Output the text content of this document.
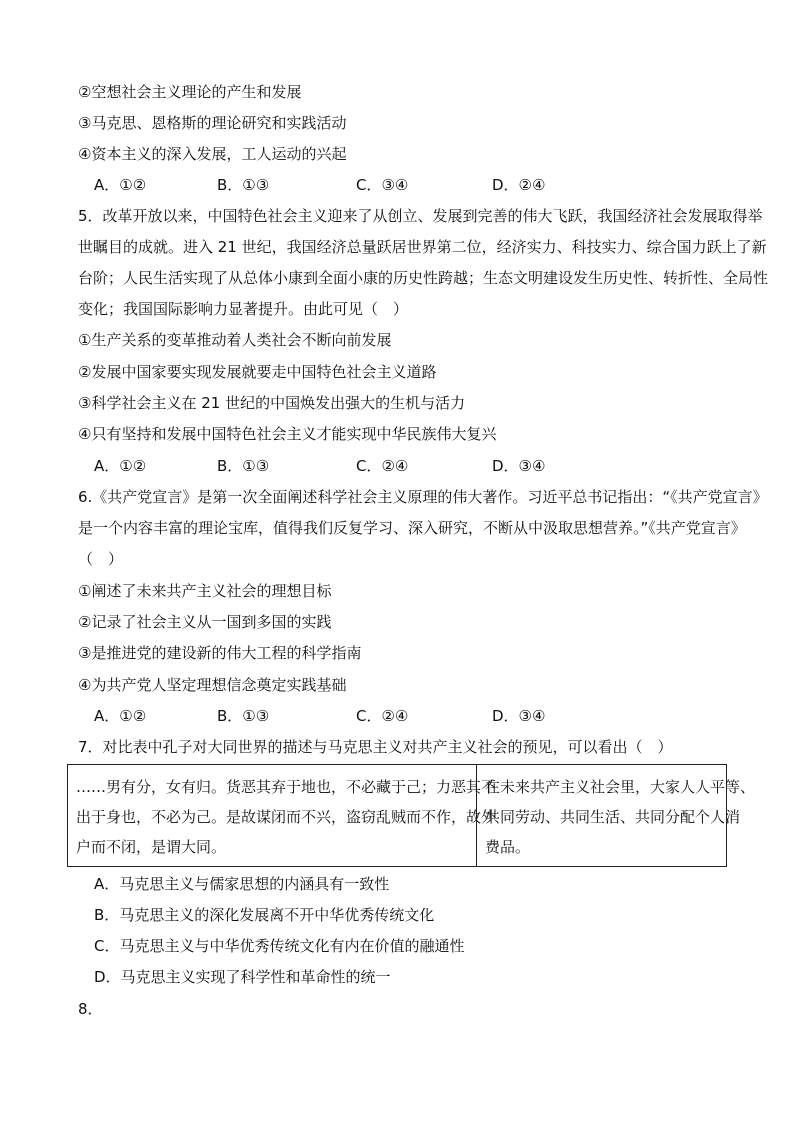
②空想社会主义理论的产生和发展
③马克思、恩格斯的理论研究和实践活动
④资本主义的深入发展，工人运动的兴起
A．①②	B．①③	C．③④	D．②④
5．改革开放以来，中国特色社会主义迎来了从创立、发展到完善的伟大飞跃，我国经济社会发展取得举
世瞩目的成就。进入 21 世纪，我国经济总量跃居世界第二位，经济实力、科技实力、综合国力跃上了新
台阶；人民生活实现了从总体小康到全面小康的历史性跨越；生态文明建设发生历史性、转折性、全局性
变化；我国国际影响力显著提升。由此可见（　）
①生产关系的变革推动着人类社会不断向前发展
②发展中国家要实现发展就要走中国特色社会主义道路
③科学社会主义在 21 世纪的中国焕发出强大的生机与活力
④只有坚持和发展中国特色社会主义才能实现中华民族伟大复兴
A．①②	B．①③	C．②④	D．③④
6.《共产党宣言》是第一次全面阐述科学社会主义原理的伟大著作。习近平总书记指出：“《共产党宣言》
是一个内容丰富的理论宝库，值得我们反复学习、深入研究，不断从中汲取思想营养。”《共产党宣言》
（　）
①阐述了未来共产主义社会的理想目标
②记录了社会主义从一国到多国的实践
③是推进党的建设新的伟大工程的科学指南
④为共产党人坚定理想信念奠定实践基础
A．①②	B．①③	C．②④	D．③④
7．对比表中孔子对大同世界的描述与马克思主义对共产主义社会的预见，可以看出（　）
……男有分，女有归。货恶其弃于地也，不必藏于己；力恶其不
出于身也，不必为己。是故谋闭而不兴，盗窃乱贼而不作，故外
户而不闭，是谓大同。

在未来共产主义社会里，大家人人平等、
共同劳动、共同生活、共同分配个人消
费品。
A．马克思主义与儒家思想的内涵具有一致性
B．马克思主义的深化发展离不开中华优秀传统文化
C．马克思主义与中华优秀传统文化有内在价值的融通性
D．马克思主义实现了科学性和革命性的统一
8．
